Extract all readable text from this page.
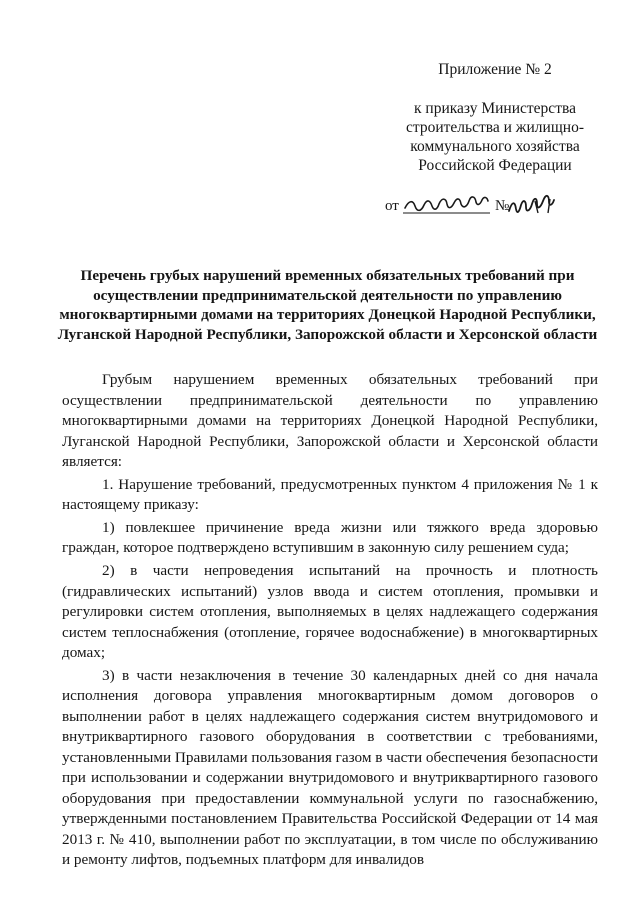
Приложение № 2
к приказу Министерства строительства и жилищно-коммунального хозяйства Российской Федерации
от	№
Перечень грубых нарушений временных обязательных требований при осуществлении предпринимательской деятельности по управлению многоквартирными домами на территориях Донецкой Народной Республики, Луганской Народной Республики, Запорожской области и Херсонской области

Грубым нарушением временных обязательных требований при осуществлении предпринимательской деятельности по управлению многоквартирными домами на территориях Донецкой Народной Республики, Луганской Народной Республики, Запорожской области и Херсонской области является:

1. Нарушение требований, предусмотренных пунктом 4 приложения № 1 к настоящему приказу:

1) повлекшее причинение вреда жизни или тяжкого вреда здоровью граждан, которое подтверждено вступившим в законную силу решением суда;

2) в части непроведения испытаний на прочность и плотность (гидравлических испытаний) узлов ввода и систем отопления, промывки и регулировки систем отопления, выполняемых в целях надлежащего содержания систем теплоснабжения (отопление, горячее водоснабжение) в многоквартирных домах;

3) в части незаключения в течение 30 календарных дней со дня начала исполнения договора управления многоквартирным домом договоров о выполнении работ в целях надлежащего содержания систем внутридомового и внутриквартирного газового оборудования в соответствии с требованиями, установленными Правилами пользования газом в части обеспечения безопасности при использовании и содержании внутридомового и внутриквартирного газового оборудования при предоставлении коммунальной услуги по газоснабжению, утвержденными постановлением Правительства Российской Федерации от 14 мая 2013 г. № 410, выполнении работ по эксплуатации, в том числе по обслуживанию и ремонту лифтов, подъемных платформ для инвалидов
